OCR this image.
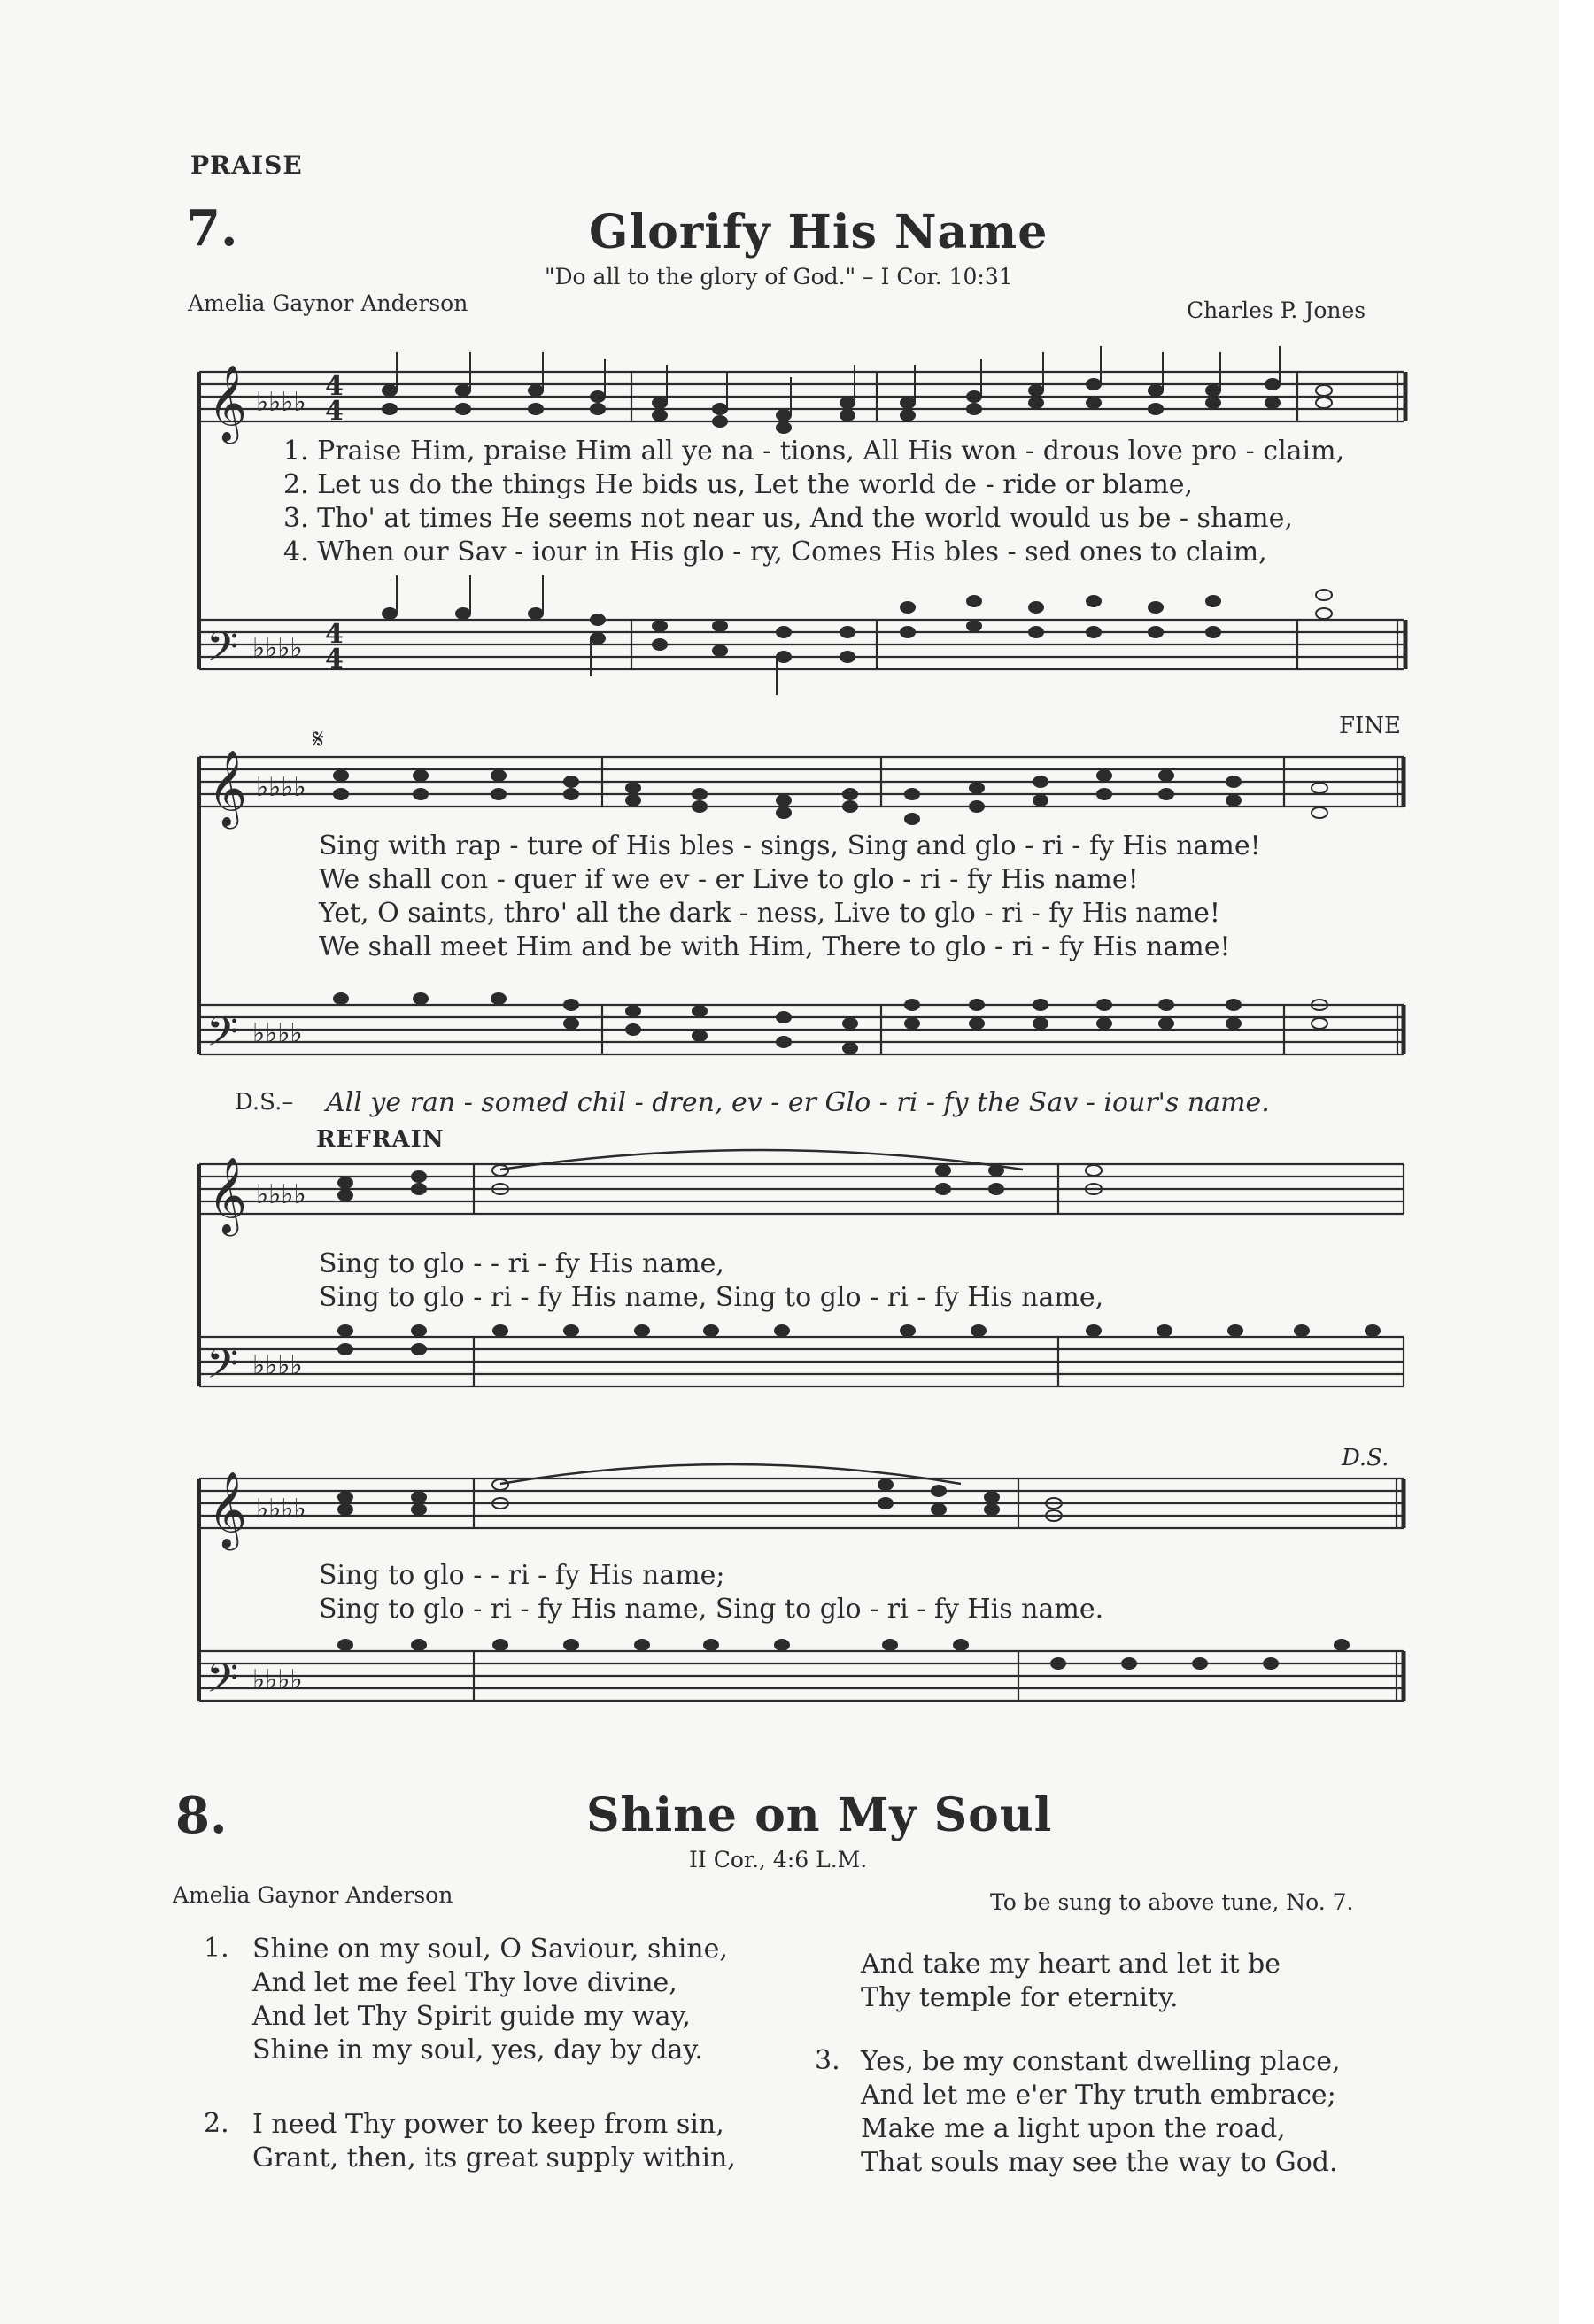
PRAISE
7.	Glorify His Name
"Do all to the glory of God." – I Cor. 10:31
Amelia Gaynor Anderson	Charles P. Jones
𝄞
𝄢
♭♭♭♭
♭♭♭♭
4
4
4
4
1. Praise Him, praise Him all ye na - tions, All His won - drous love pro - claim,
2. Let us do the things He bids us, Let the world de - ride or blame,
3. Tho' at times He seems not near us, And the world would us be - shame,
4. When our Sav - iour in His glo - ry, Comes His bles - sed ones to claim,
FINE
𝄞
𝄢
♭♭♭♭
♭♭♭♭
𝄋
Sing with rap - ture of His bles - sings, Sing and glo - ri - fy His name!
We shall con - quer if we ev - er Live to glo - ri - fy His name!
Yet, O saints, thro' all the dark - ness, Live to glo - ri - fy His name!
We shall meet Him and be with Him, There to glo - ri - fy His name!
D.S.– All ye ran - somed chil - dren, ev - er Glo - ri - fy the Sav - iour's name.
REFRAIN
𝄞
𝄢
♭♭♭♭
♭♭♭♭
Sing to glo - - ri - fy His name,
Sing to glo - ri - fy His name, Sing to glo - ri - fy His name,
D.S.
𝄞
𝄢
♭♭♭♭
♭♭♭♭
Sing to glo - - ri - fy His name;
Sing to glo - ri - fy His name, Sing to glo - ri - fy His name.
8.	Shine on My Soul
II Cor., 4:6 L.M.
Amelia Gaynor Anderson	To be sung to above tune, No. 7.
1. Shine on my soul, O Saviour, shine,
And let me feel Thy love divine,
And let Thy Spirit guide my way,
Shine in my soul, yes, day by day.
2. I need Thy power to keep from sin,
Grant, then, its great supply within,
And take my heart and let it be
Thy temple for eternity.
3. Yes, be my constant dwelling place,
And let me e'er Thy truth embrace;
Make me a light upon the road,
That souls may see the way to God.
